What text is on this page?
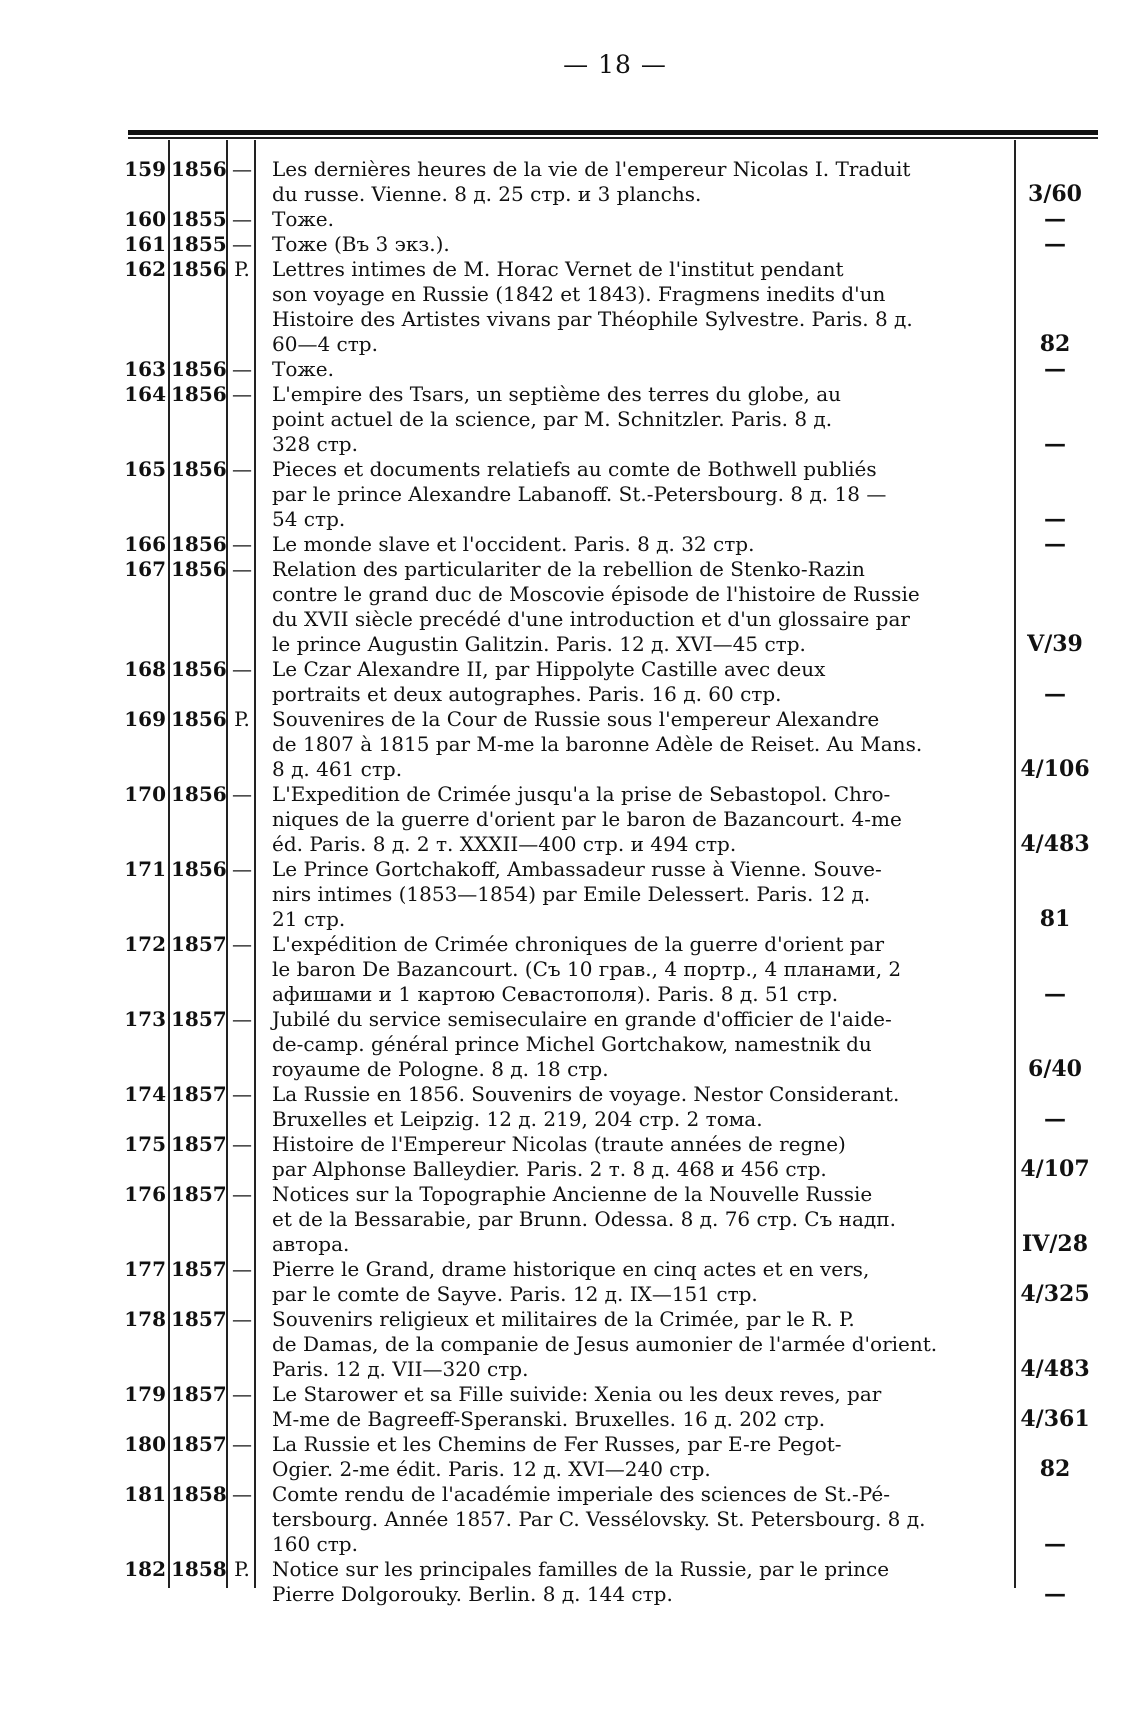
— 18 —
159 1856 — Les dernières heures de la vie de l'empereur Nicolas I. Traduit
du russe. Vienne. 8 д. 25 стр. и 3 planchs.	3/60
160 1855 — Тоже.	—
161 1855 — Тоже (Въ 3 экз.).	—
162 1856 P. Lettres intimes de M. Horac Vernet de l'institut pendant
son voyage en Russie (1842 et 1843). Fragmens inedits d'un
Histoire des Artistes vivans par Théophile Sylvestre. Paris. 8 д.
60—4 стр.	82
163 1856 — Тоже.	—
164 1856 — L'empire des Tsars, un septième des terres du globe, au
point actuel de la science, par M. Schnitzler. Paris. 8 д.
328 стр.	—
165 1856 — Pieces et documents relatiefs au comte de Bothwell publiés
par le prince Alexandre Labanoff. St.-Petersbourg. 8 д. 18 —
54 стр.	—
166 1856 — Le monde slave et l'occident. Paris. 8 д. 32 стр.	—
167 1856 — Relation des particulariter de la rebellion de Stenko-Razin
contre le grand duc de Moscovie épisode de l'histoire de Russie
du XVII siècle precédé d'une introduction et d'un glossaire par
le prince Augustin Galitzin. Paris. 12 д. XVI—45 стр.	V/39
168 1856 — Le Czar Alexandre II, par Hippolyte Castille avec deux
portraits et deux autographes. Paris. 16 д. 60 стр.	—
169 1856 P. Souvenires de la Cour de Russie sous l'empereur Alexandre
de 1807 à 1815 par M-me la baronne Adèle de Reiset. Au Mans.
8 д. 461 стр.	4/106
170 1856 — L'Expedition de Crimée jusqu'a la prise de Sebastopol. Chro-
niques de la guerre d'orient par le baron de Bazancourt. 4-me
éd. Paris. 8 д. 2 т. XXXII—400 стр. и 494 стр.	4/483
171 1856 — Le Prince Gortchakoff, Ambassadeur russe à Vienne. Souve-
nirs intimes (1853—1854) par Emile Delessert. Paris. 12 д.
21 стр.	81
172 1857 — L'expédition de Crimée chroniques de la guerre d'orient par
le baron De Bazancourt. (Съ 10 грав., 4 портр., 4 планами, 2
афишами и 1 картою Севастополя). Paris. 8 д. 51 стр.	—
173 1857 — Jubilé du service semiseculaire en grande d'officier de l'aide-
de-camp. général prince Michel Gortchakow, namestnik du
royaume de Pologne. 8 д. 18 стр.	6/40
174 1857 — La Russie en 1856. Souvenirs de voyage. Nestor Considerant.
Bruxelles et Leipzig. 12 д. 219, 204 стр. 2 тома.	—
175 1857 — Histoire de l'Empereur Nicolas (traute années de regne)
par Alphonse Balleydier. Paris. 2 т. 8 д. 468 и 456 стр.	4/107
176 1857 — Notices sur la Topographie Ancienne de la Nouvelle Russie
et de la Bessarabie, par Brunn. Odessa. 8 д. 76 стр. Съ надп.
автора.	IV/28
177 1857 — Pierre le Grand, drame historique en cinq actes et en vers,
par le comte de Sayve. Paris. 12 д. IX—151 стр.	4/325
178 1857 — Souvenirs religieux et militaires de la Crimée, par le R. P.
de Damas, de la companie de Jesus aumonier de l'armée d'orient.
Paris. 12 д. VII—320 стр.	4/483
179 1857 — Le Starower et sa Fille suivide: Xenia ou les deux reves, par
M-me de Bagreeff-Speranski. Bruxelles. 16 д. 202 стр.	4/361
180 1857 — La Russie et les Chemins de Fer Russes, par E-re Pegot-
Ogier. 2-me édit. Paris. 12 д. XVI—240 стр.	82
181 1858 — Comte rendu de l'académie imperiale des sciences de St.-Pé-
tersbourg. Année 1857. Par C. Vessélovsky. St. Petersbourg. 8 д.
160 стр.	—
182 1858 P. Notice sur les principales familles de la Russie, par le prince
Pierre Dolgorouky. Berlin. 8 д. 144 стр.	—
